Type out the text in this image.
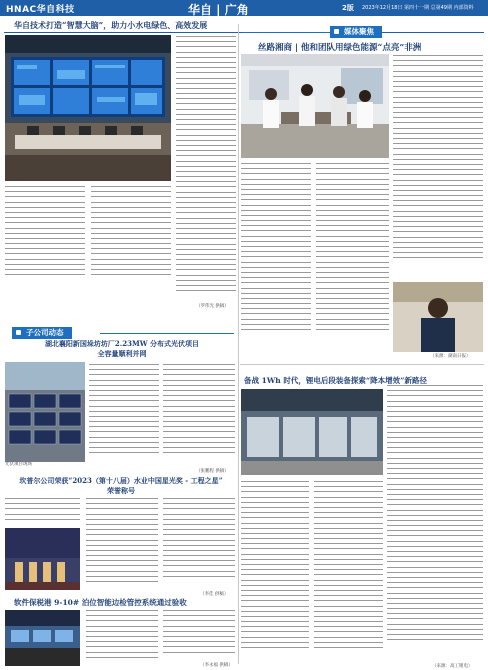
HNAC华自科技	华自 | 广角	2版 2023年12月18日 第四十一期 总第49期 内部资料
华自技术打造“智慧大脑”，助力小水电绿色、高效发展
（罗伟光 供稿）
媒体聚焦
丝路湘商 | 他和团队用绿色能源“点亮”非洲
（来源：湖南日报）
子公司动态
湖北襄阳新国垛坊坊厂2.23MW 分布式光伏项目
全容量顺利并网
光伏项目现场
（张鹏程 供稿）
坎普尔公司荣获“2023（第十八届）水业中国星光奖 - 工程之星”
荣誉称号
（李佳 供稿）
软件保税港 9-10# 泊位智能边检管控系统通过验收
（李永福 供稿）
备战 1Wh 时代，锂电后段装备探索“降本增效”新路径
（来源：高工锂电）
